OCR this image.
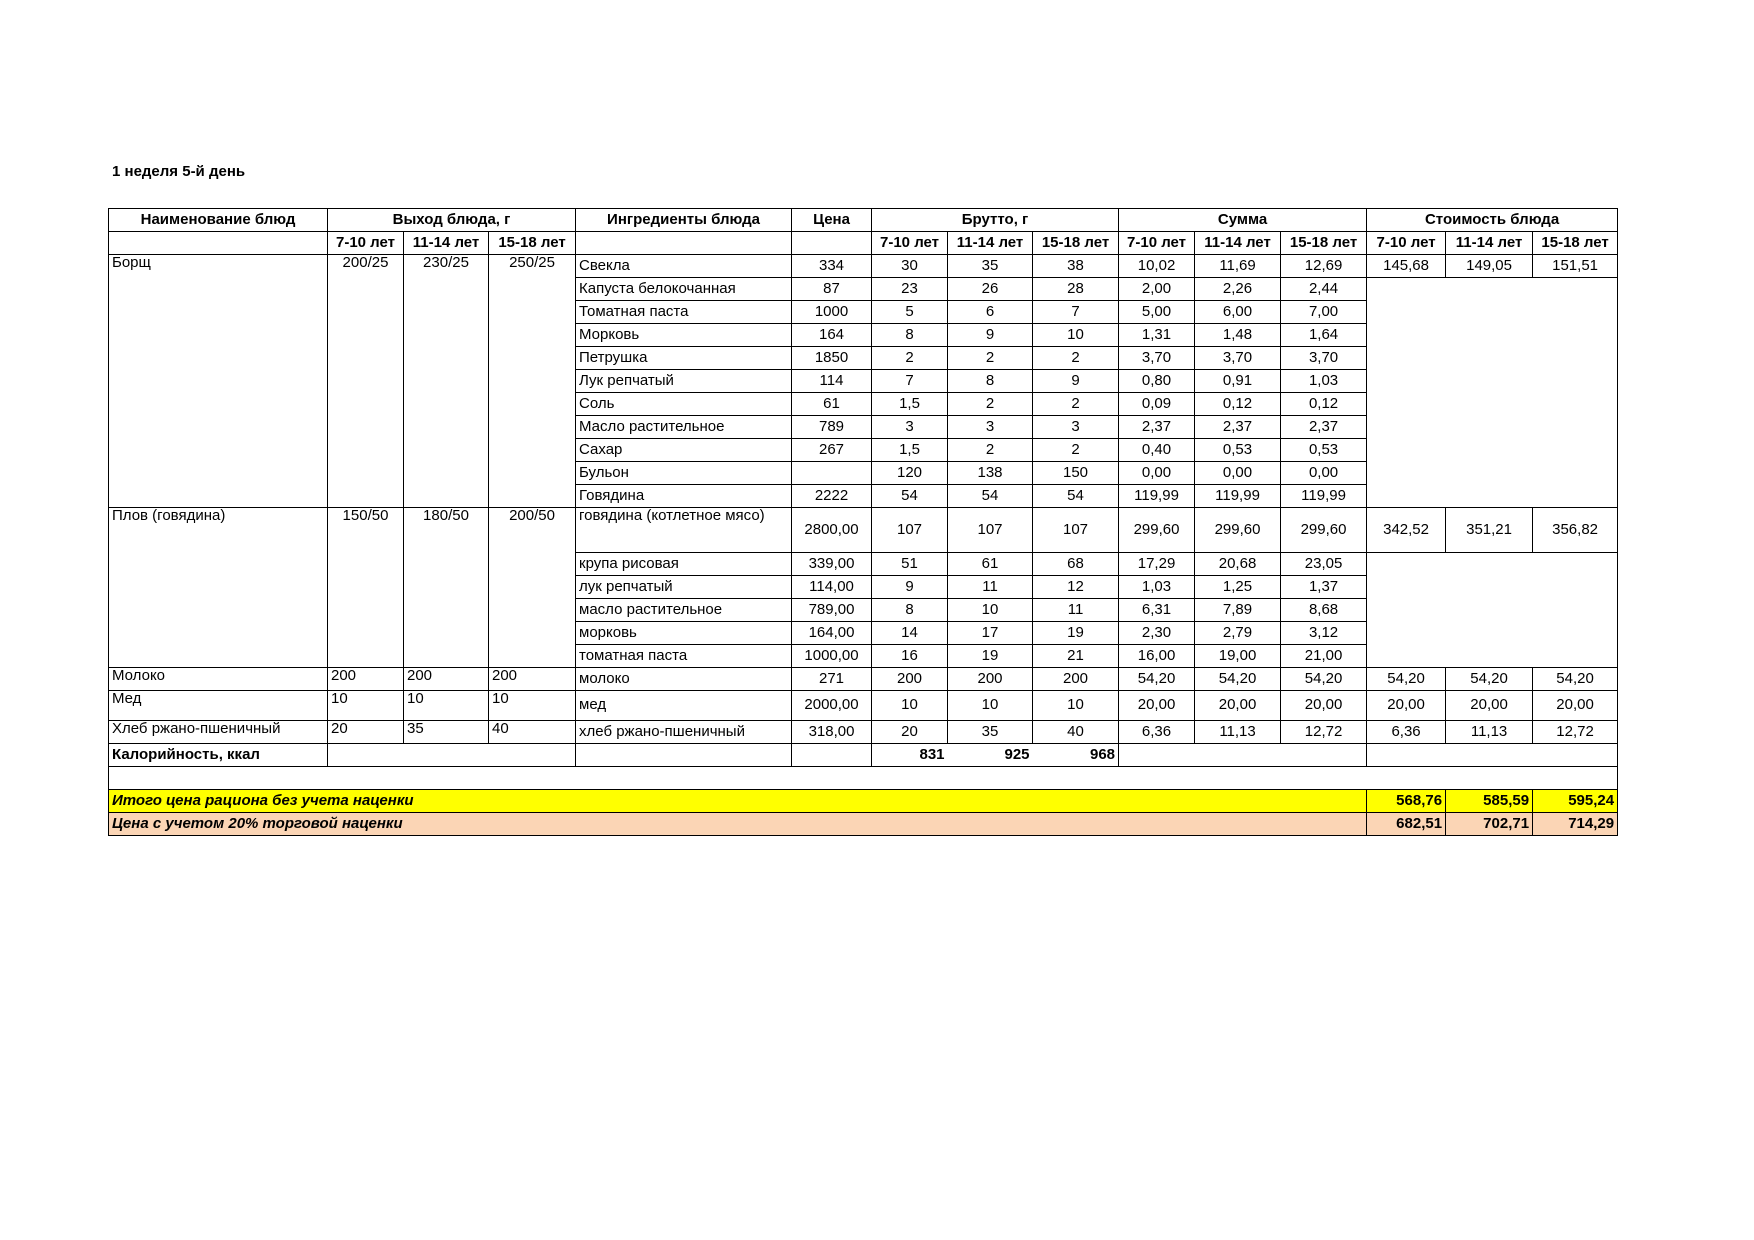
1 неделя 5-й день
Наименование блюд	Выход блюда, г			Ингредиенты блюда	Цена	Брутто, г			Сумма			Стоимость блюда		
	7-10 лет	11-14 лет	15-18 лет			7-10 лет	11-14 лет	15-18 лет	7-10 лет	11-14 лет	15-18 лет	7-10 лет	11-14 лет	15-18 лет
Борщ	200/25	230/25	250/25	Свекла	334	30	35	38	10,02	11,69	12,69	145,68	149,05	151,51
				Капуста белокочанная	87	23	26	28	2,00	2,26	2,44			
				Томатная паста	1000	5	6	7	5,00	6,00	7,00			
				Морковь	164	8	9	10	1,31	1,48	1,64			
				Петрушка	1850	2	2	2	3,70	3,70	3,70			
				Лук репчатый	114	7	8	9	0,80	0,91	1,03			
				Соль	61	1,5	2	2	0,09	0,12	0,12			
				Масло растительное	789	3	3	3	2,37	2,37	2,37			
				Сахар	267	1,5	2	2	0,40	0,53	0,53			
				Бульон		120	138	150	0,00	0,00	0,00			
				Говядина	2222	54	54	54	119,99	119,99	119,99			
Плов (говядина)	150/50	180/50	200/50	говядина (котлетное мясо)	2800,00	107	107	107	299,60	299,60	299,60	342,52	351,21	356,82
				крупа рисовая	339,00	51	61	68	17,29	20,68	23,05			
				лук репчатый	114,00	9	11	12	1,03	1,25	1,37			
				масло растительное	789,00	8	10	11	6,31	7,89	8,68			
				морковь	164,00	14	17	19	2,30	2,79	3,12			
				томатная паста	1000,00	16	19	21	16,00	19,00	21,00			
Молоко	200	200	200	молоко	271	200	200	200	54,20	54,20	54,20	54,20	54,20	54,20
Мед	10	10	10	мед	2000,00	10	10	10	20,00	20,00	20,00	20,00	20,00	20,00
Хлеб ржано-пшеничный	20	35	40	хлеб ржано-пшеничный	318,00	20	35	40	6,36	11,13	12,72	6,36	11,13	12,72
Калорийность, ккал						831	925	968						

Итого цена рациона без учета наценки												568,76	585,59	595,24
Цена с учетом 20% торговой наценки												682,51	702,71	714,29
